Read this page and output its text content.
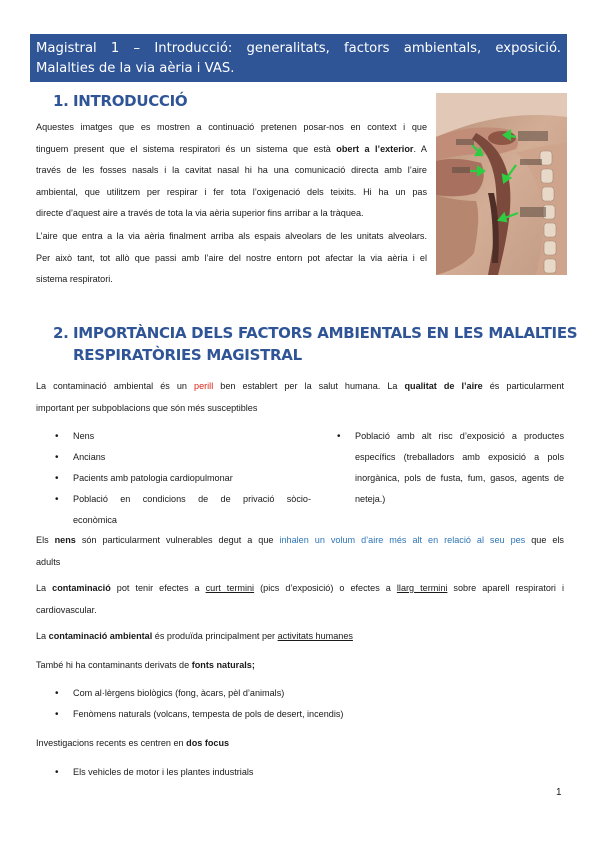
Magistral 1 – Introducció: generalitats, factors ambientals, exposició.
Malalties de la via aèria i VAS.
1. INTRODUCCIÓ
Aquestes imatges que es mostren a continuació pretenen posar-nos en context i que
tinguem present que el sistema respiratori és un sistema que està obert a l’exterior. A
través de les fosses nasals i la cavitat nasal hi ha una comunicació directa amb l’aire
ambiental, que utilitzem per respirar i fer tota l’oxigenació dels teixits. Hi ha un pas
directe d’aquest aire a través de tota la via aèria superior fins arribar a la tràquea.
L’aire que entra a la via aèria finalment arriba als espais alveolars de les unitats alveolars.
Per això tant, tot allò que passi amb l’aire del nostre entorn pot afectar la via aèria i el
sistema respiratori.
2. IMPORTÀNCIA DELS FACTORS AMBIENTALS EN LES MALALTIES
RESPIRATÒRIES MAGISTRAL
La contaminació ambiental és un perill ben establert per la salut humana. La qualitat de l’aire és particularment
important per subpoblacions que són més susceptibles
• Nens
• Ancians
• Pacients amb patologia cardiopulmonar
• Població en condicions de de privació sòcio-
econòmica
• Població amb alt risc d’exposició a productes
específics (treballadors amb exposició a pols
inorgànica, pols de fusta, fum, gasos, agents de
neteja.)
Els nens són particularment vulnerables degut a que inhalen un volum d’aire més alt en relació al seu pes que els
adults
La contaminació pot tenir efectes a curt termini (pics d’exposició) o efectes a llarg termini sobre aparell respiratori i
cardiovascular.
La contaminació ambiental és produïda principalment per activitats humanes
També hi ha contaminants derivats de fonts naturals;
• Com al·lèrgens biològics (fong, àcars, pèl d’animals)
• Fenòmens naturals (volcans, tempesta de pols de desert, incendis)
Investigacions recents es centren en dos focus
• Els vehicles de motor i les plantes industrials
1
